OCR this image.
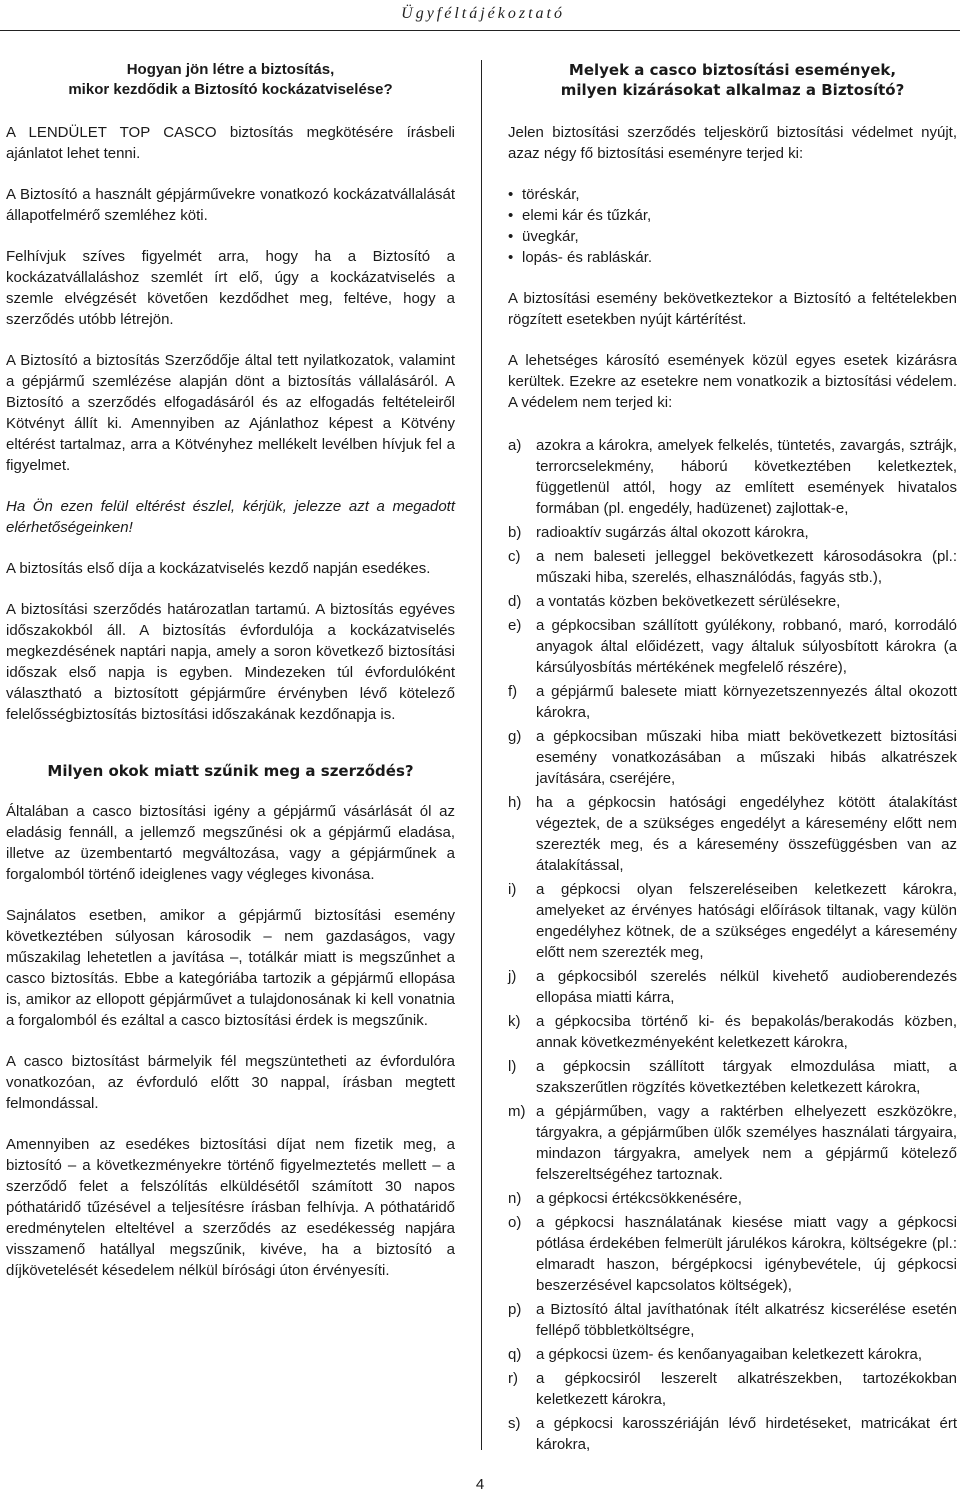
Ügyféltájékoztató
Hogyan jön létre a biztosítás,
mikor kezdődik a Biztosító kockázatviselése?

A LENDÜLET TOP CASCO biztosítás megkötésére írásbeli ajánlatot lehet tenni.

A Biztosító a használt gépjárművekre vonatkozó kockázatvállalását állapotfelmérő szemléhez köti.

Felhívjuk szíves figyelmét arra, hogy ha a Biztosító a kockázatvállaláshoz szemlét írt elő, úgy a kockázatviselés a szemle elvégzését követően kezdődhet meg, feltéve, hogy a szerződés utóbb létrejön.

A Biztosító a biztosítás Szerződője által tett nyilatkozatok, valamint a gépjármű szemlézése alapján dönt a biztosítás vállalásáról. A Biztosító a szerződés elfogadásáról és az elfogadás feltételeiről Kötvényt állít ki. Amennyiben az Ajánlathoz képest a Kötvény eltérést tartalmaz, arra a Kötvényhez mellékelt levélben hívjuk fel a figyelmet.

Ha Ön ezen felül eltérést észlel, kérjük, jelezze azt a megadott elérhetőségeinken!

A biztosítás első díja a kockázatviselés kezdő napján esedékes.

A biztosítási szerződés határozatlan tartamú. A biztosítás egyéves időszakokból áll. A biztosítás évfordulója a kockázatviselés megkezdésének naptári napja, amely a soron következő biztosítási időszak első napja is egyben. Mindezeken túl évfordulóként választható a biztosított gépjárműre érvényben lévő kötelező felelősségbiztosítás biztosítási időszakának kezdőnapja is.

Milyen okok miatt szűnik meg a szerződés?

Általában a casco biztosítási igény a gépjármű vásárlását ól az eladásig fennáll, a jellemző megszűnési ok a gépjármű eladása, illetve az üzembentartó megváltozása, vagy a gépjárműnek a forgalomból történő ideiglenes vagy végleges kivonása.

Sajnálatos esetben, amikor a gépjármű biztosítási esemény következtében súlyosan károsodik – nem gazdaságos, vagy műszakilag lehetetlen a javítása –, totálkár miatt is megszűnhet a casco biztosítás. Ebbe a kategóriába tartozik a gépjármű ellopása is, amikor az ellopott gépjárművet a tulajdonosának ki kell vonatnia a forgalomból és ezáltal a casco biztosítási érdek is megszűnik.

A casco biztosítást bármelyik fél megszüntetheti az évfordulóra vonatkozóan, az évforduló előtt 30 nappal, írásban megtett felmondással.

Amennyiben az esedékes biztosítási díjat nem fizetik meg, a biztosító – a következményekre történő figyelmeztetés mellett – a szerződő felet a felszólítás elküldésétől számított 30 napos póthatáridő tűzésével a teljesítésre írásban felhívja. A póthatáridő eredménytelen elteltével a szerződés az esedékesség napjára visszamenő hatállyal megszűnik, kivéve, ha a biztosító a díjkövetelését késedelem nélkül bírósági úton érvényesíti.

Melyek a casco biztosítási események,
milyen kizárásokat alkalmaz a Biztosító?

Jelen biztosítási szerződés teljeskörű biztosítási védelmet nyújt, azaz négy fő biztosítási eseményre terjed ki:

• töréskár,
• elemi kár és tűzkár,
• üvegkár,
• lopás- és rabláskár.

A biztosítási esemény bekövetkeztekor a Biztosító a feltételekben rögzített esetekben nyújt kártérítést.

A lehetséges károsító események közül egyes esetek kizárásra kerültek. Ezekre az esetekre nem vonatkozik a biztosítási védelem. A védelem nem terjed ki:

a) azokra a károkra, amelyek felkelés, tüntetés, zavargás, sztrájk, terrorcselekmény, háború következtében keletkeztek, függetlenül attól, hogy az említett események hivatalos formában (pl. engedély, hadüzenet) zajlottak-e,
b) radioaktív sugárzás által okozott károkra,
c)	a nem baleseti jelleggel bekövetkezett károsodásokra (pl.: műszaki hiba, szerelés, elhasználódás, fagyás stb.),
d) a vontatás közben bekövetkezett sérülésekre,
e) a gépkocsiban szállított gyúlékony, robbanó, maró, korrodáló anyagok által előidézett, vagy általuk súlyosbított károkra (a kársúlyosbítás mértékének megfelelő részére),
f)	a gépjármű balesete miatt környezetszennyezés által okozott károkra,
g) a gépkocsiban műszaki hiba miatt bekövetkezett biztosítási esemény vonatkozásában a műszaki hibás alkatrészek javítására, cseréjére,
h) ha a gépkocsin hatósági engedélyhez kötött átalakítást végeztek, de a szükséges engedélyt a káresemény előtt nem szerezték meg, és a káresemény összefüggésben van az átalakítással,
i)	a gépkocsi olyan felszereléseiben keletkezett károkra, amelyeket az érvényes hatósági előírások tiltanak, vagy külön engedélyhez kötnek, de a szükséges engedélyt a káresemény előtt nem szerezték meg,
j)	a gépkocsiból szerelés nélkül kivehető audioberendezés ellopása miatti kárra,
k)	a gépkocsiba történő ki- és bepakolás/berakodás közben, annak következményeként keletkezett károkra,
l)	a gépkocsin szállított tárgyak elmozdulása miatt, a szakszerűtlen rögzítés következtében keletkezett károkra,
m) a gépjárműben, vagy a raktérben elhelyezett eszközökre, tárgyakra, a gépjárműben ülők személyes használati tárgyaira, mindazon tárgyakra, amelyek nem a gépjármű kötelező felszereltségéhez tartoznak.
n) a gépkocsi értékcsökkenésére,
o) a gépkocsi használatának kiesése miatt vagy a gépkocsi pótlása érdekében felmerült járulékos károkra, költségekre (pl.: elmaradt haszon, bérgépkocsi igénybevétele, új gépkocsi beszerzésével kapcsolatos költségek),
p) a Biztosító által javíthatónak ítélt alkatrész kicserélése esetén fellépő többletköltségre,
q) a gépkocsi üzem- és kenőanyagaiban keletkezett károkra,
r)	a gépkocsiról leszerelt alkatrészekben, tartozékokban keletkezett károkra,
s)	a gépkocsi karosszériáján lévő hirdetéseket, matricákat ért károkra,
4
